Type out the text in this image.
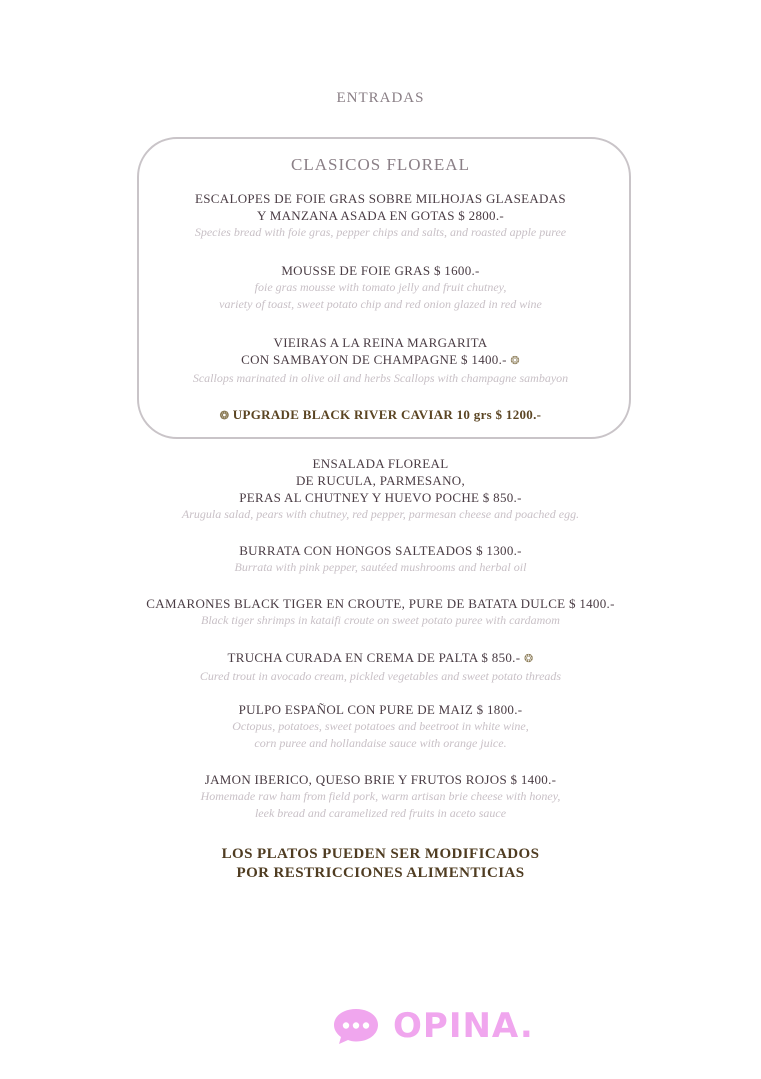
ENTRADAS
CLASICOS FLOREAL
ESCALOPES DE FOIE GRAS SOBRE MILHOJAS GLASEADAS
Y MANZANA ASADA EN GOTAS $ 2800.-
Species bread with foie gras, pepper chips and salts, and roasted apple puree
MOUSSE DE FOIE GRAS $ 1600.-
foie gras mousse with tomato jelly and fruit chutney,
variety of toast, sweet potato chip and red onion glazed in red wine
VIEIRAS A LA REINA MARGARITA
CON SAMBAYON DE CHAMPAGNE $ 1400.- ❂
Scallops marinated in olive oil and herbs Scallops with champagne sambayon
❂ UPGRADE BLACK RIVER CAVIAR 10 grs $ 1200.-
ENSALADA FLOREAL
DE RUCULA, PARMESANO,
PERAS AL CHUTNEY Y HUEVO POCHE $ 850.-
Arugula salad, pears with chutney, red pepper, parmesan cheese and poached egg.
BURRATA CON HONGOS SALTEADOS $ 1300.-
Burrata with pink pepper, sautéed mushrooms and herbal oil
CAMARONES BLACK TIGER EN CROUTE, PURE DE BATATA DULCE $ 1400.-
Black tiger shrimps in kataifi croute on sweet potato puree with cardamom
TRUCHA CURADA EN CREMA DE PALTA $ 850.- ❂
Cured trout in avocado cream, pickled vegetables and sweet potato threads
PULPO ESPAÑOL CON PURE DE MAIZ $ 1800.-
Octopus, potatoes, sweet potatoes and beetroot in white wine,
corn puree and hollandaise sauce with orange juice.
JAMON IBERICO, QUESO BRIE Y FRUTOS ROJOS $ 1400.-
Homemade raw ham from field pork, warm artisan brie cheese with honey,
leek bread and caramelized red fruits in aceto sauce
LOS PLATOS PUEDEN SER MODIFICADOS
POR RESTRICCIONES ALIMENTICIAS
OPINA.
